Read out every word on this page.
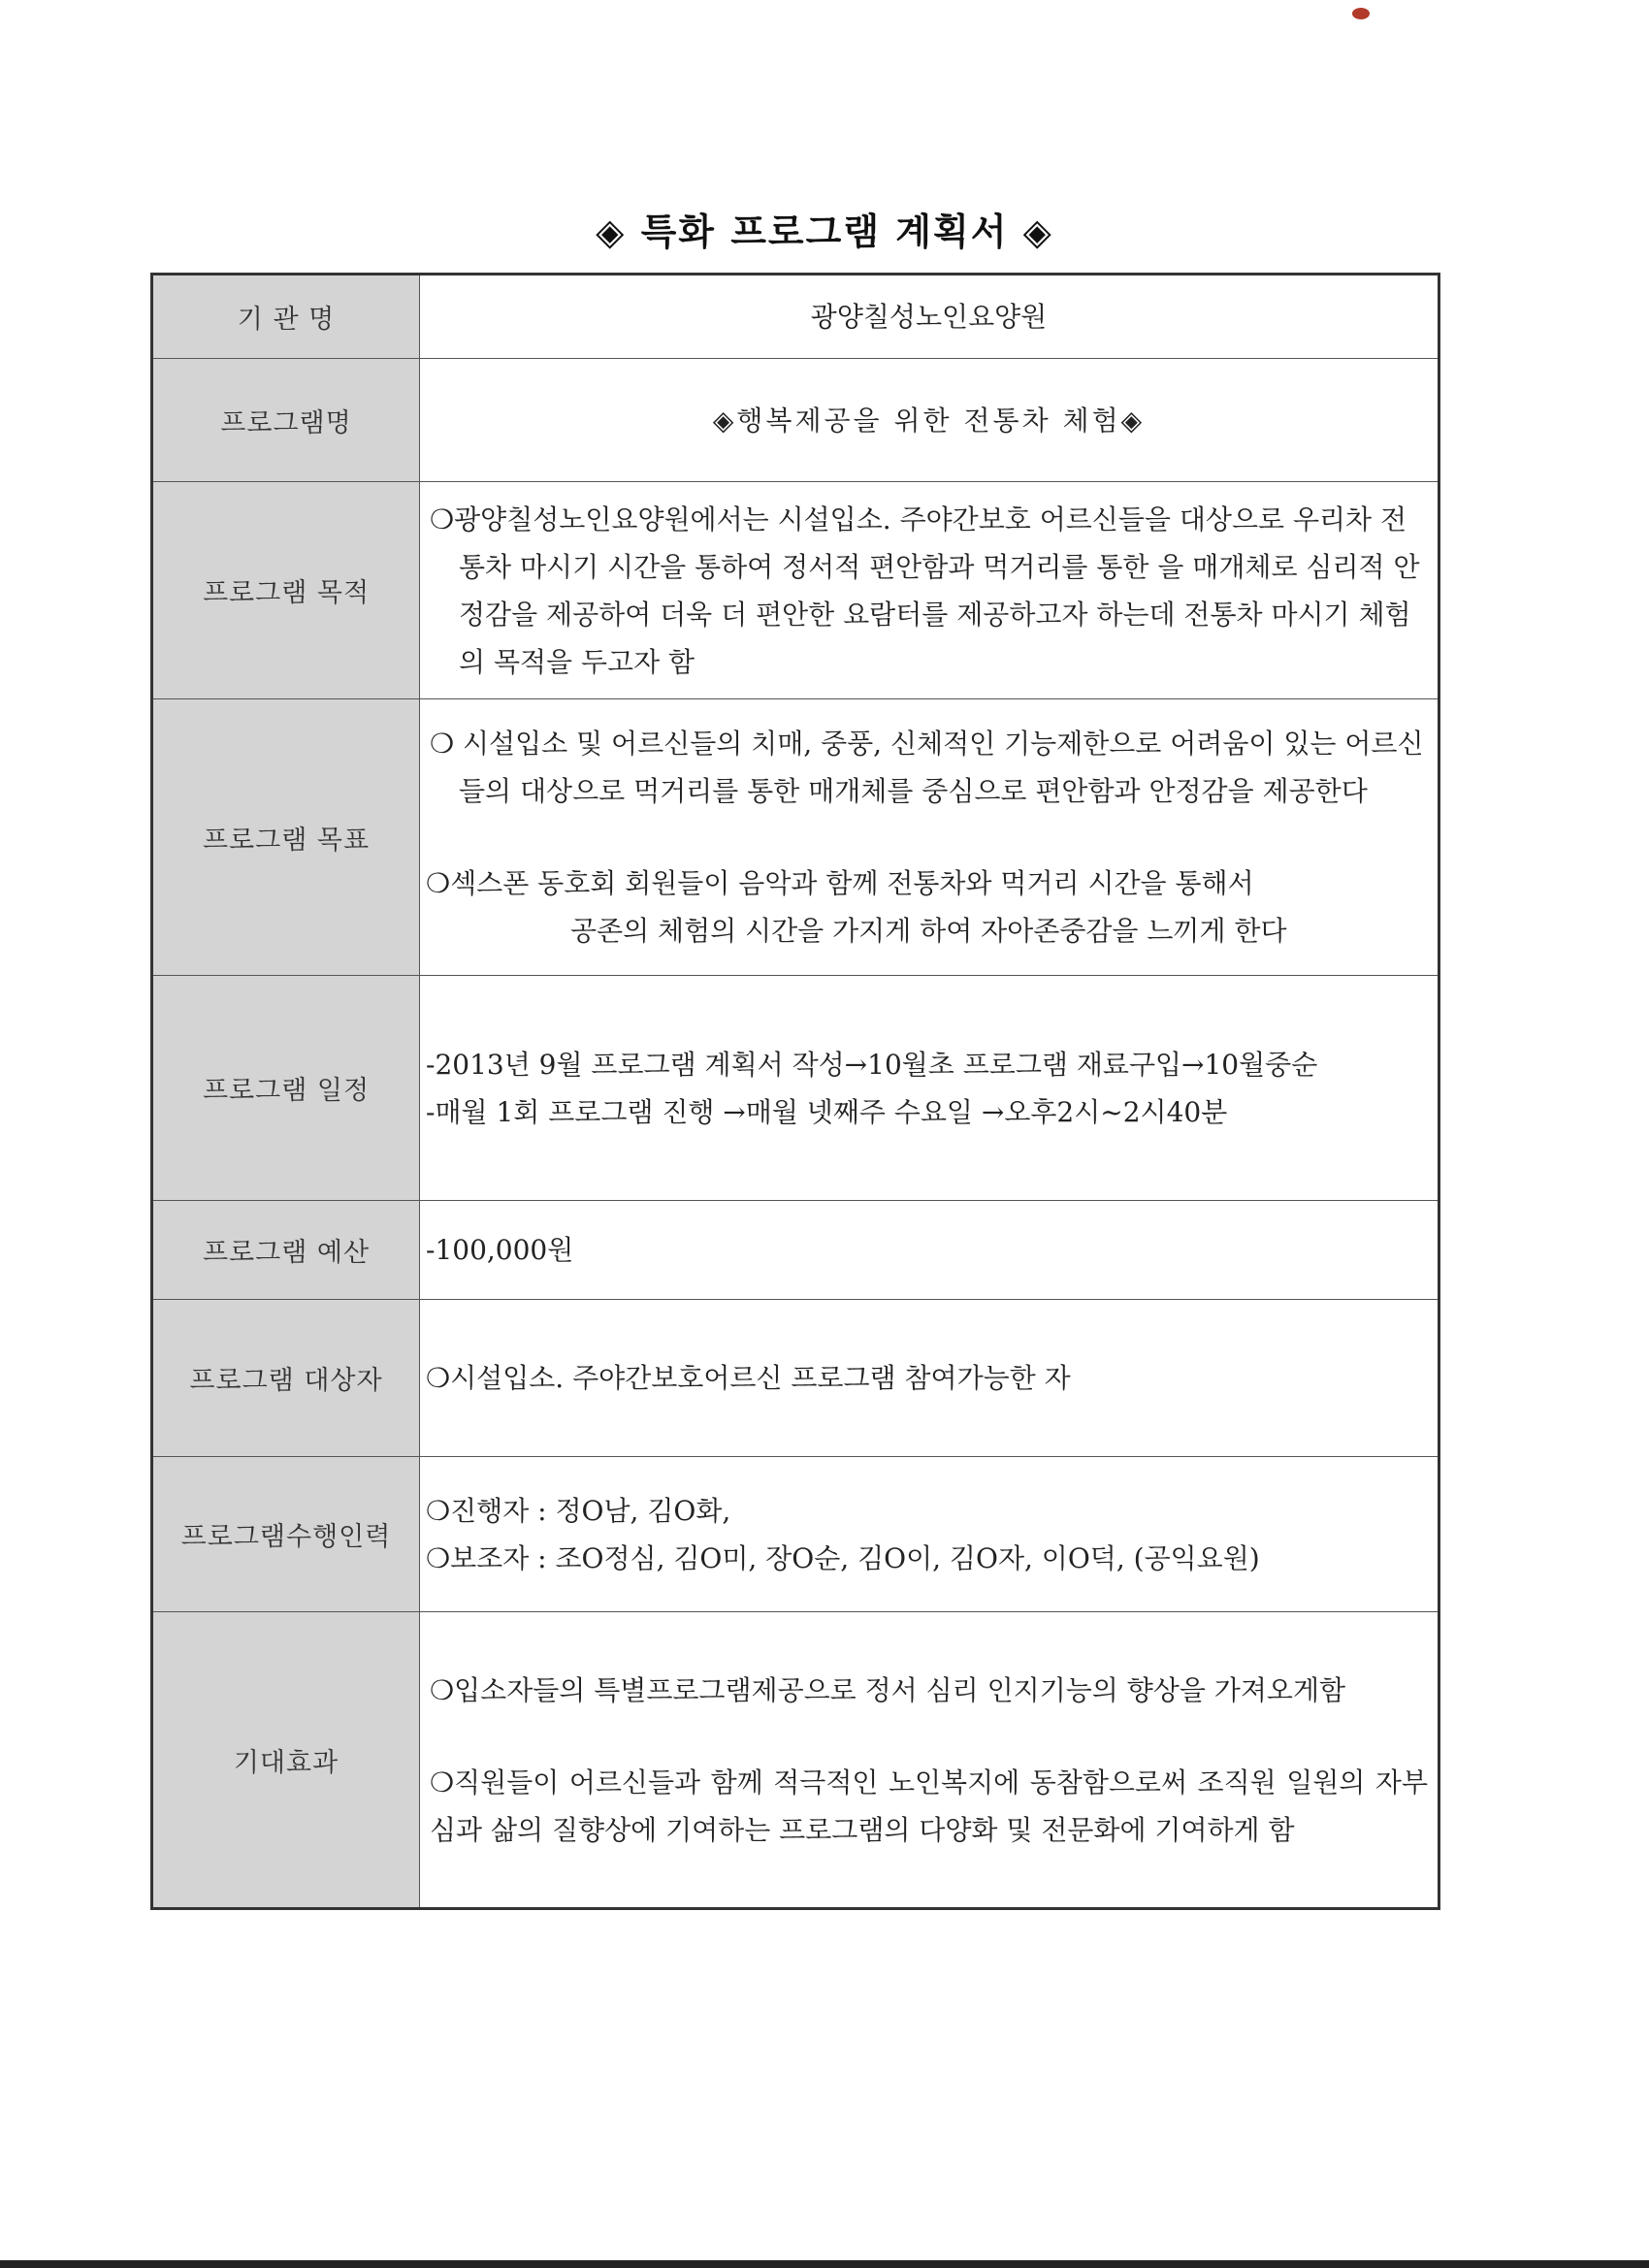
◈ 특화 프로그램 계획서 ◈
기 관 명	광양칠성노인요양원
프로그램명	◈행복제공을 위한 전통차 체험◈
프로그램 목적	❍광양칠성노인요양원에서는 시설입소. 주야간보호 어르신들을 대상으로 우리차 전통차 마시기 시간을 통하여 정서적 편안함과 먹거리를 통한 을 매개체로 심리적 안정감을 제공하여 더욱 더 편안한 요람터를 제공하고자 하는데 전통차 마시기 체험의 목적을 두고자 함

프로그램 목표	❍ 시설입소 및 어르신들의 치매, 중풍, 신체적인 기능제한으로 어려움이 있는 어르신들의 대상으로 먹거리를 통한 매개체를 중심으로 편안함과 안정감을 제공한다

❍섹스폰 동호회 회원들이 음악과 함께 전통차와 먹거리 시간을 통해서

공존의 체험의 시간을 가지게 하여 자아존중감을 느끼게 한다

프로그램 일정	-2013년 9월 프로그램 계획서 작성→10월초 프로그램 재료구입→10월중순

-매월 1회 프로그램 진행 →매월 넷째주 수요일 →오후2시~2시40분

프로그램 예산	-100,000원

프로그램 대상자	❍시설입소. 주야간보호어르신 프로그램 참여가능한 자

프로그램수행인력	❍진행자 : 정O남, 김O화,

❍보조자 : 조O정심, 김O미, 장O순, 김O이, 김O자, 이O덕, (공익요원)

기대효과	❍입소자들의 특별프로그램제공으로 정서 심리 인지기능의 향상을 가져오게함

❍직원들이 어르신들과 함께 적극적인 노인복지에 동참함으로써 조직원 일원의 자부심과 삶의 질향상에 기여하는 프로그램의 다양화 및 전문화에 기여하게 함
